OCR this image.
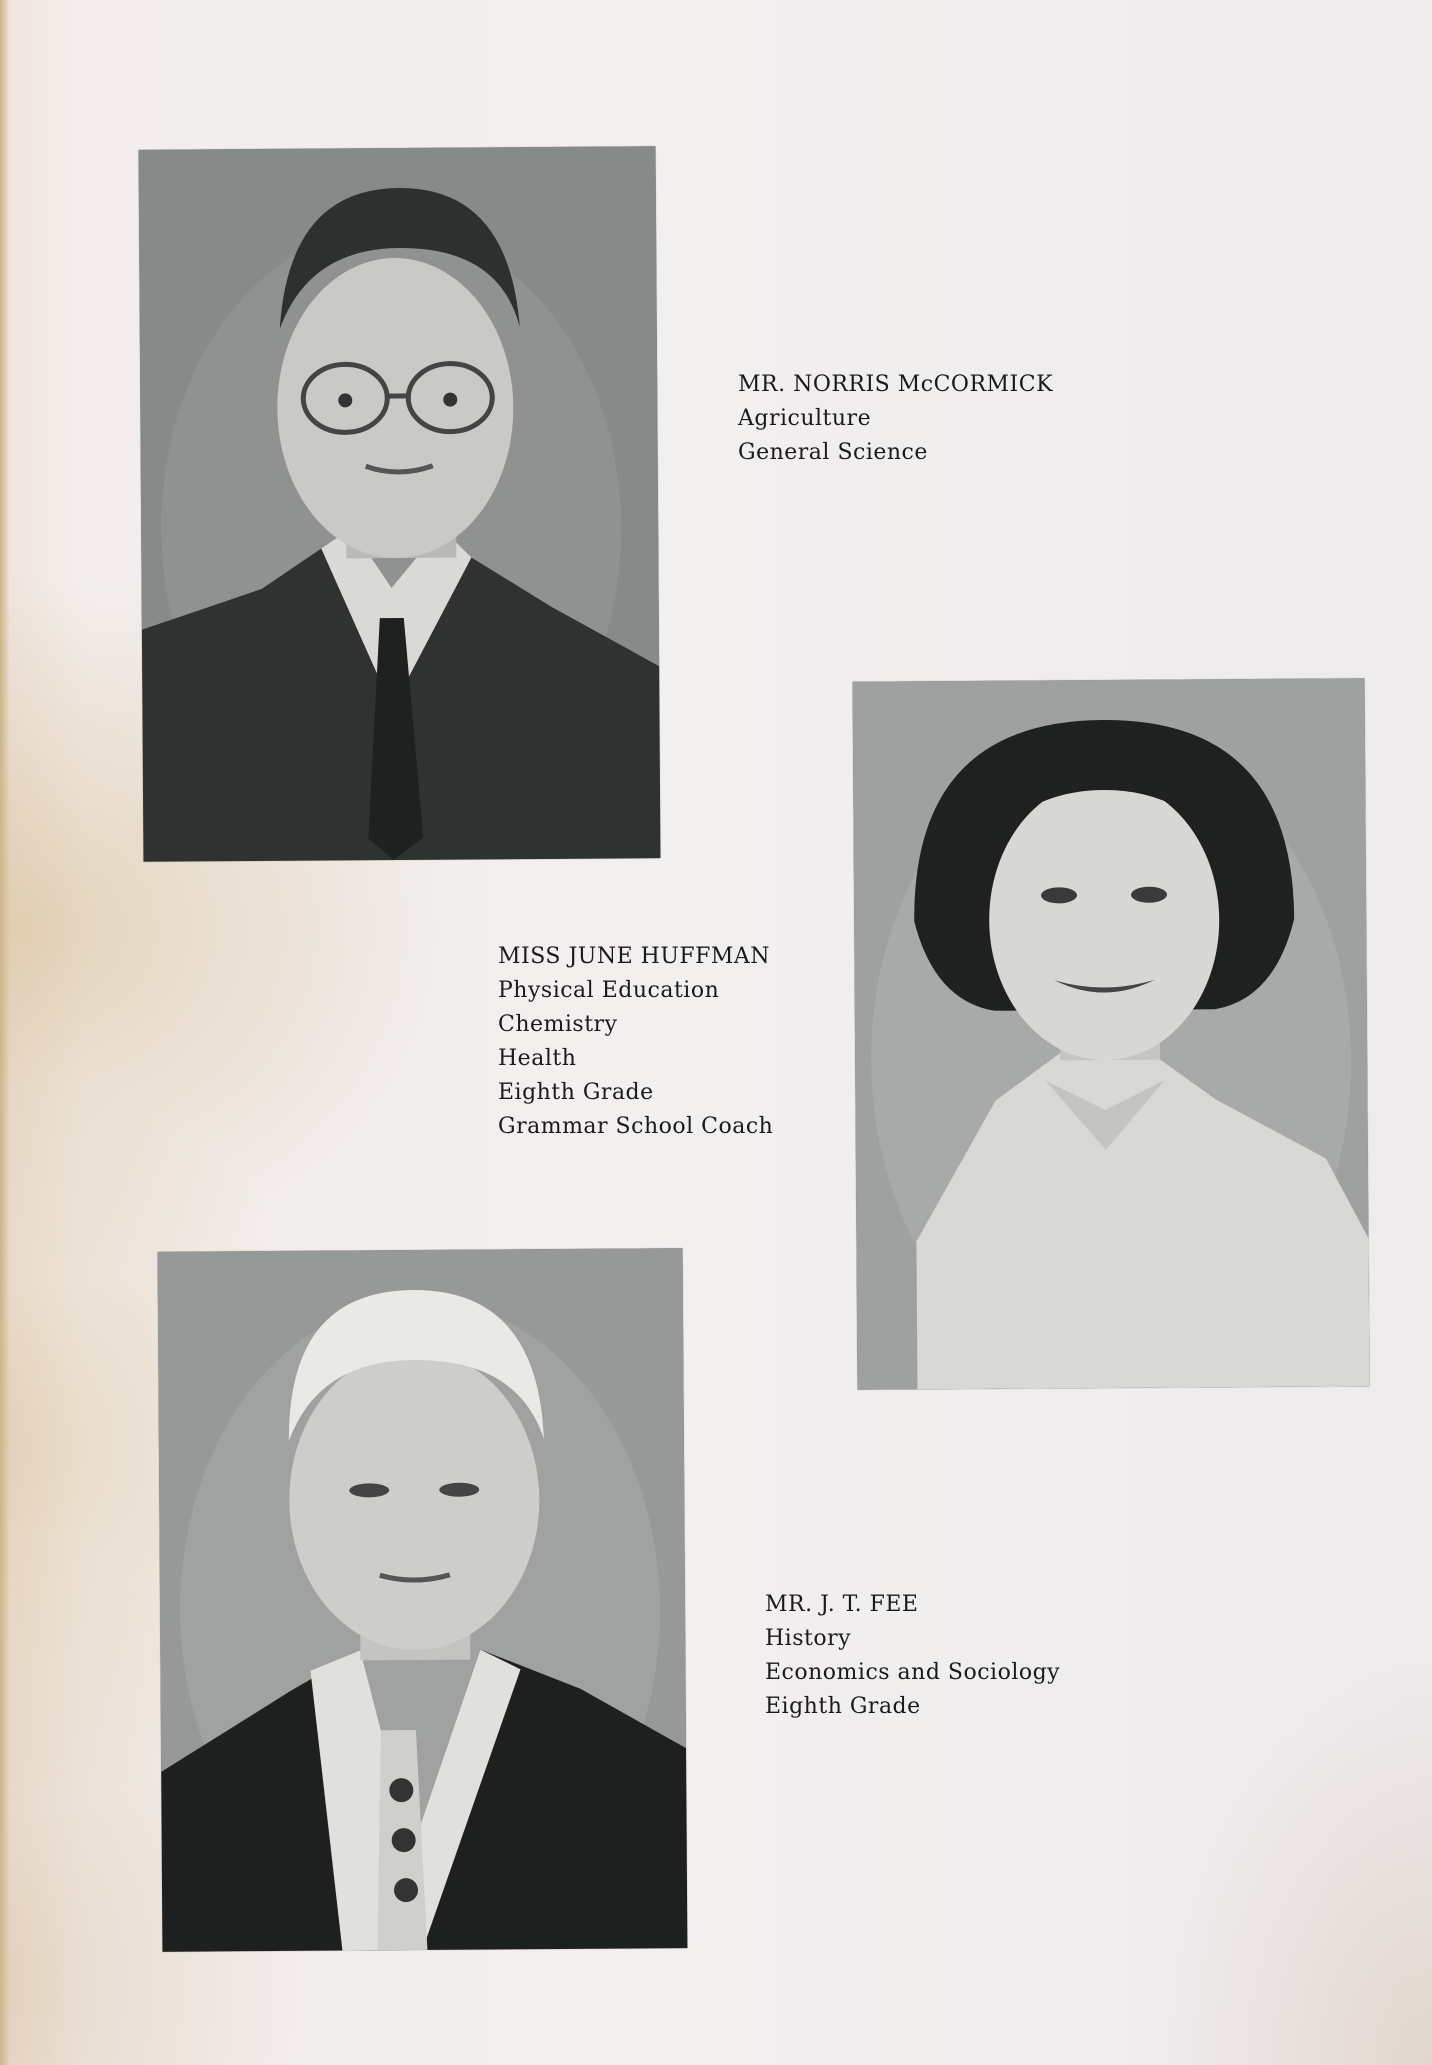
MR. NORRIS McCORMICK
Agriculture
General Science
MISS JUNE HUFFMAN
Physical Education
Chemistry
Health
Eighth Grade
Grammar School Coach
MR. J. T. FEE
History
Economics and Sociology
Eighth Grade
